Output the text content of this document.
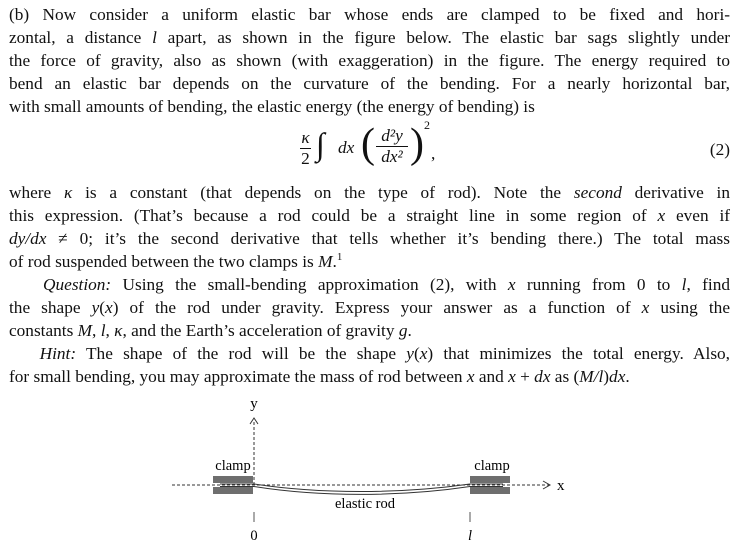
(b) Now consider a uniform elastic bar whose ends are clamped to be fixed and hori-
zontal, a distance l apart, as shown in the figure below. The elastic bar sags slightly under
the force of gravity, also as shown (with exaggeration) in the figure. The energy required to
bend an elastic bar depends on the curvature of the bending. For a nearly horizontal bar,
with small amounts of bending, the elastic energy (the energy of bending) is
where κ is a constant (that depends on the type of rod). Note the second derivative in
this expression. (That’s because a rod could be a straight line in some region of x even if
dy/dx ≠ 0; it’s the second derivative that tells whether it’s bending there.) The total mass
of rod suspended between the two clamps is M.$^1$
Question: Using the small-bending approximation (2), with x running from 0 to l, find
the shape y(x) of the rod under gravity. Express your answer as a function of x using the
constants M, l, κ, and the Earth’s acceleration of gravity g.
Hint: The shape of the rod will be the shape y(x) that minimizes the total energy. Also,
for small bending, you may approximate the mass of rod between x and x + dx as (M/l)dx.
κ
2 ∫ dx ( d²y
dx² ) 2
,	(2)
y
x
clamp	clamp
elastic rod
0	l
